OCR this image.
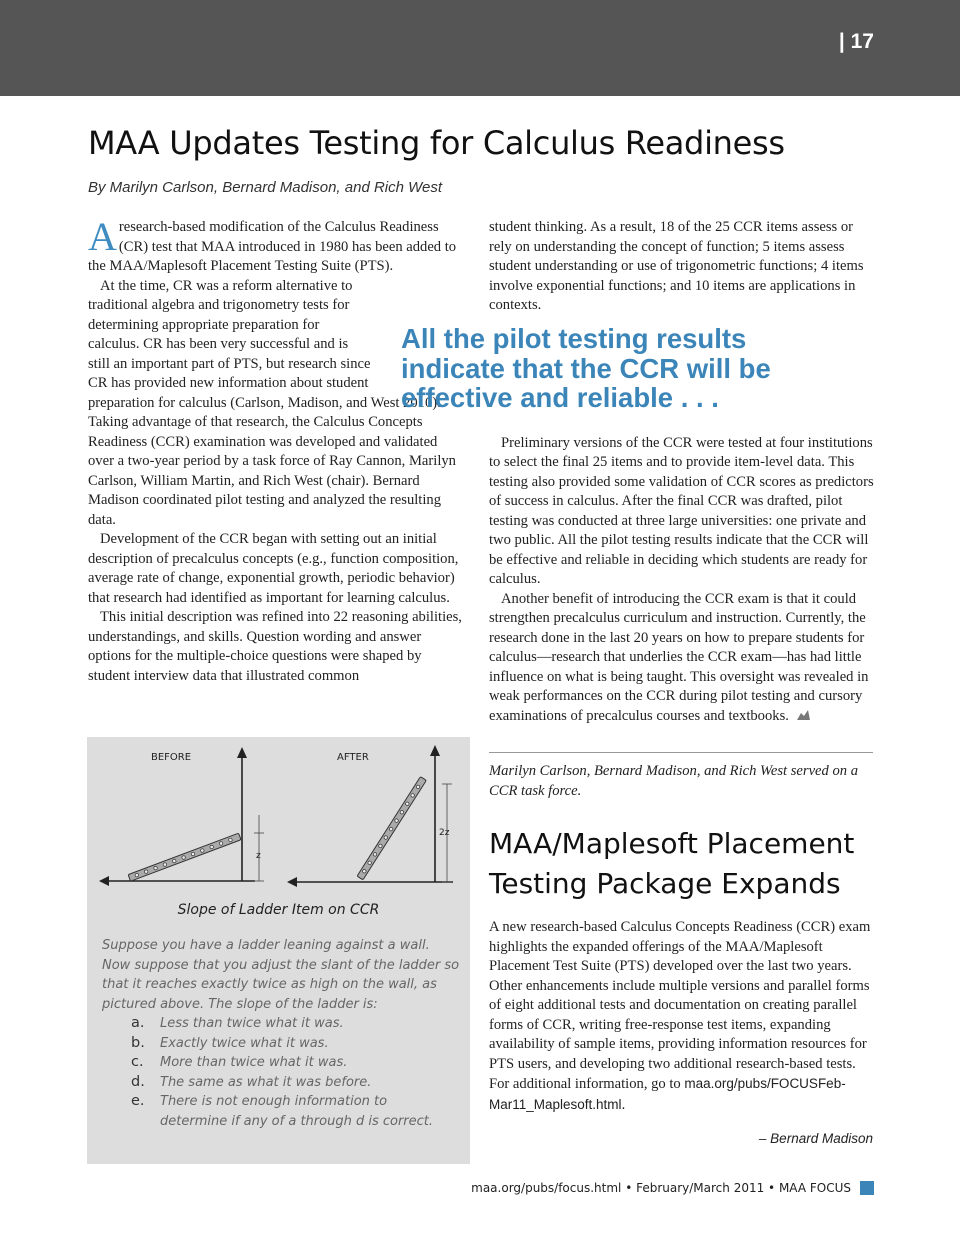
| 17
MAA Updates Testing for Calculus Readiness
By Marilyn Carlson, Bernard Madison, and Rich West

Aresearch-based modification of the Calculus Readiness (CR) test that MAA introduced in 1980 has been added to the MAA/Maplesoft Placement Testing Suite (PTS).

At the time, CR was a reform alternative to traditional algebra and trigonometry tests for determining appropriate preparation for calculus. CR has been very successful and is still an important part of PTS, but research since CR has provided new information about student preparation for calculus (Carlson, Madison, and West 2010). Taking advantage of that research, the Calculus Concepts Readiness (CCR) examination was developed and validated over a two-year period by a task force of Ray Cannon, Marilyn Carlson, William Martin, and Rich West (chair). Bernard Madison coordinated pilot testing and analyzed the resulting data.

Development of the CCR began with setting out an initial description of precalculus concepts (e.g., function composition, average rate of change, exponential growth, periodic behavior) that research had identified as important for learning calculus.

This initial description was refined into 22 reasoning abilities, understandings, and skills. Question wording and answer options for the multiple-choice questions were shaped by student interview data that illustrated common

student thinking. As a result, 18 of the 25 CCR items assess or rely on understanding the concept of function; 5 items assess student understanding or use of trigonometric functions; 4 items involve exponential functions; and 10 items are applications in contexts.

Preliminary versions of the CCR were tested at four institutions to select the final 25 items and to provide item-level data. This testing also provided some validation of CCR scores as predictors of success in calculus. After the final CCR was drafted, pilot testing was conducted at three large universities: one private and two public. All the pilot testing results indicate that the CCR will be effective and reliable in deciding which students are ready for calculus.

Another benefit of introducing the CCR exam is that it could strengthen precalculus curriculum and instruction. Currently, the research done in the last 20 years on how to prepare students for calculus—research that underlies the CCR exam—has had little influence on what is being taught. This oversight was revealed in weak performances on the CCR during pilot testing and cursory examinations of precalculus courses and textbooks.

All the pilot testing results indicate that the CCR will be effective and reliable . . .
Marilyn Carlson, Bernard Madison, and Rich West served on a CCR task force.
MAA/Maplesoft Placement Testing Package Expands
A new research-based Calculus Concepts Readiness (CCR) exam highlights the expanded offerings of the MAA/Maplesoft Placement Test Suite (PTS) developed over the last two years. Other enhancements include multiple versions and parallel forms of eight additional tests and documentation on creating parallel forms of CCR, writing free-response test items, expanding availability of sample items, providing information resources for PTS users, and developing two additional research-based tests. For additional information, go to maa.org/pubs/FOCUSFeb-Mar11_Maplesoft.html.
– Bernard Madison
BEFORE
z
AFTER
2z
Slope of Ladder Item on CCR
Suppose you have a ladder leaning against a wall. Now suppose that you adjust the slant of the ladder so that it reaches exactly twice as high on the wall, as pictured above. The slope of the ladder is:
a. Less than twice what it was.
b. Exactly twice what it was.
c. More than twice what it was.
d. The same as what it was before.
e. There is not enough information to determine if any of a through d is correct.
maa.org/pubs/focus.html • February/March 2011 • MAA FOCUS
